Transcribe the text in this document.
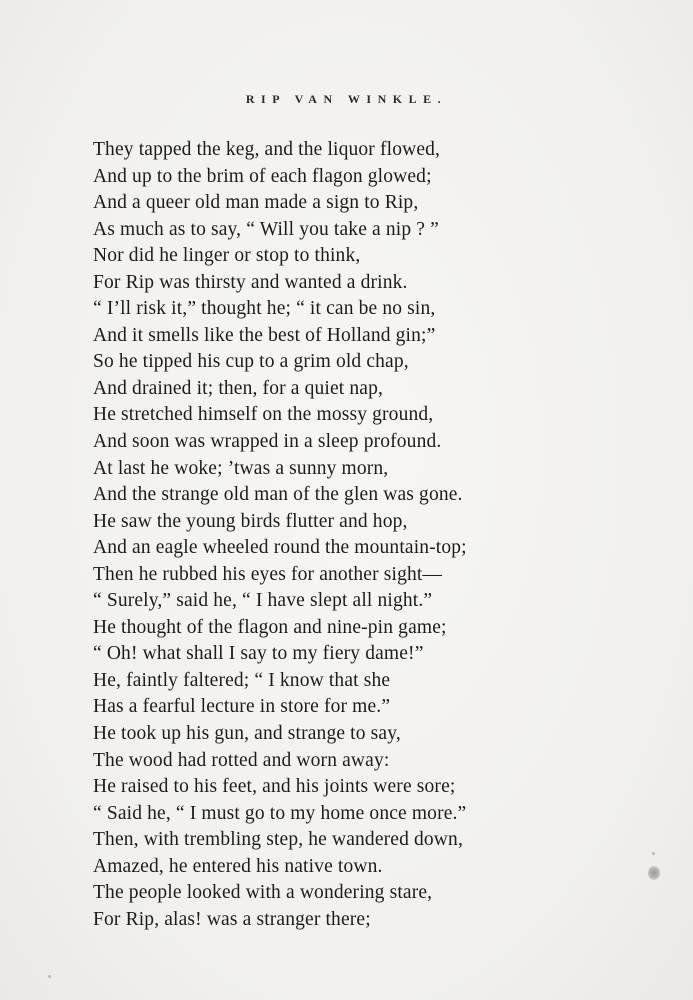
RIP VAN WINKLE.
They tapped the keg, and the liquor flowed,
And up to the brim of each flagon glowed;
And a queer old man made a sign to Rip,
As much as to say, “ Will you take a nip ? ”
Nor did he linger or stop to think,
For Rip was thirsty and wanted a drink.
“ I’ll risk it,” thought he; “ it can be no sin,
And it smells like the best of Holland gin;”
So he tipped his cup to a grim old chap,
And drained it; then, for a quiet nap,
He stretched himself on the mossy ground,
And soon was wrapped in a sleep profound.
At last he woke; ’twas a sunny morn,
And the strange old man of the glen was gone.
He saw the young birds flutter and hop,
And an eagle wheeled round the mountain-top;
Then he rubbed his eyes for another sight—
“ Surely,” said he, “ I have slept all night.”
He thought of the flagon and nine-pin game;
“ Oh! what shall I say to my fiery dame!”
He, faintly faltered; “ I know that she
Has a fearful lecture in store for me.”
He took up his gun, and strange to say,
The wood had rotted and worn away:
He raised to his feet, and his joints were sore;
“ Said he, “ I must go to my home once more.”
Then, with trembling step, he wandered down,
Amazed, he entered his native town.
The people looked with a wondering stare,
For Rip, alas! was a stranger there;
